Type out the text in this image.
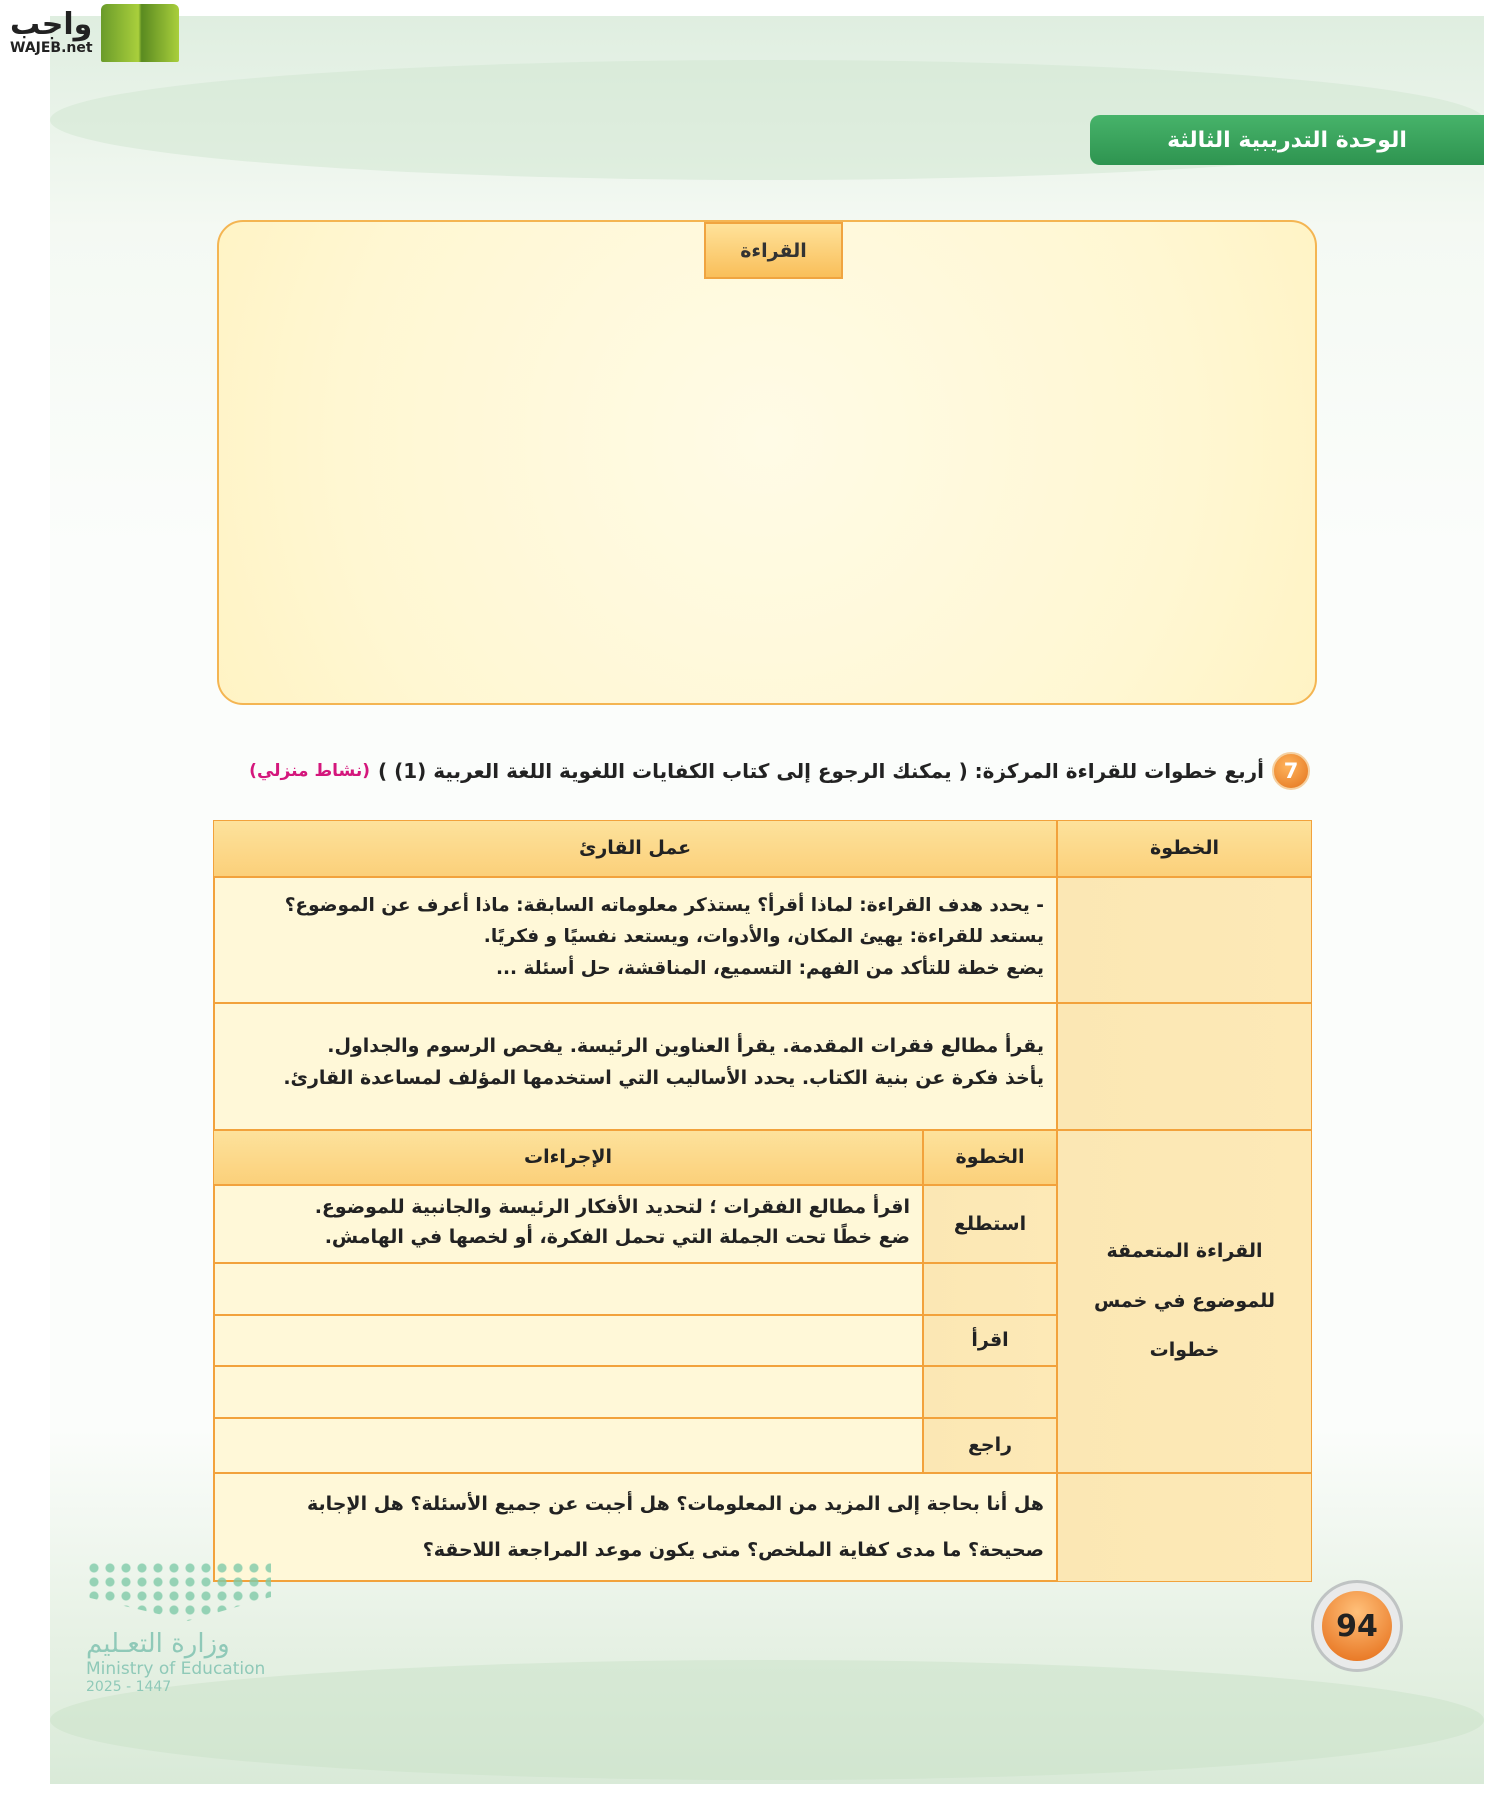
واجب
WAJEB.net
الوحدة التدريبية الثالثة
القراءة
7
أربع خطوات للقراءة المركزة: ( يمكنك الرجوع إلى كتاب الكفايات اللغوية اللغة العربية (1) )
(نشاط منزلي)
الخطوة
عمل القارئ
- يحدد هدف القراءة: لماذا أقرأ؟ يستذكر معلوماته السابقة: ماذا أعرف عن الموضوع؟
يستعد للقراءة: يهيئ المكان، والأدوات، ويستعد نفسيًا و فكريًا.
يضع خطة للتأكد من الفهم: التسميع، المناقشة، حل أسئلة ...
يقرأ مطالع فقرات المقدمة. يقرأ العناوين الرئيسة. يفحص الرسوم والجداول.
يأخذ فكرة عن بنية الكتاب. يحدد الأساليب التي استخدمها المؤلف لمساعدة القارئ.
القراءة المتعمقة للموضوع في خمس خطوات
الخطوة
الإجراءات
استطلع
اقرأ مطالع الفقرات ؛ لتحديد الأفكار الرئيسة والجانبية للموضوع.
ضع خطًا تحت الجملة التي تحمل الفكرة، أو لخصها في الهامش.
اقرأ
راجع
هل أنا بحاجة إلى المزيد من المعلومات؟ هل أجبت عن جميع الأسئلة؟ هل الإجابة
صحيحة؟ ما مدى كفاية الملخص؟ متى يكون موعد المراجعة اللاحقة؟
وزارة التعـليم
Ministry of Education
2025 - 1447
94
